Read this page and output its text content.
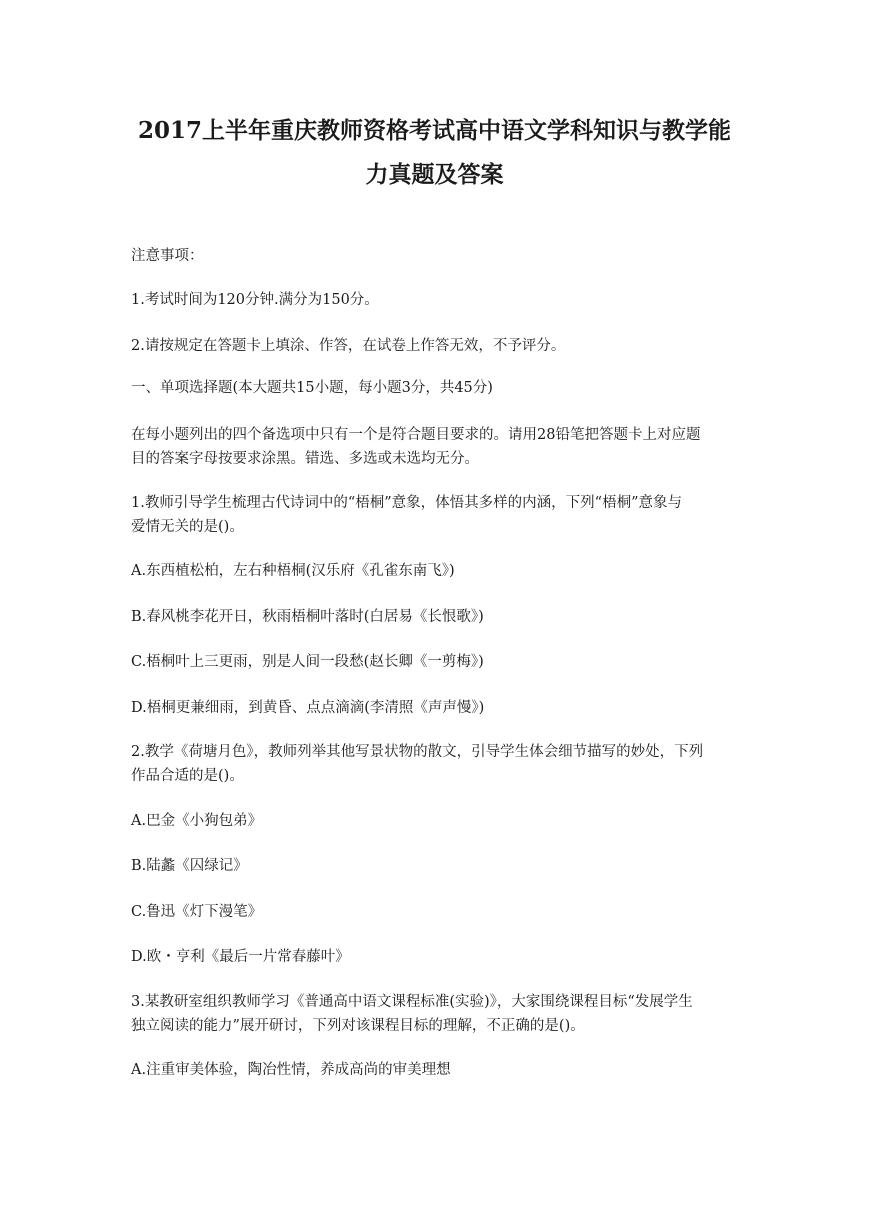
2017上半年重庆教师资格考试高中语文学科知识与教学能
力真题及答案
注意事项：
1.考试时间为120分钟.满分为150分。
2.请按规定在答题卡上填涂、作答，在试卷上作答无效，不予评分。
一、单项选择题(本大题共15小题，每小题3分，共45分)
在每小题列出的四个备选项中只有一个是符合题目要求的。请用28铅笔把答题卡上对应题
目的答案字母按要求涂黑。错选、多选或未选均无分。
1.教师引导学生梳理古代诗词中的“梧桐”意象，体悟其多样的内涵，下列“梧桐”意象与
爱情无关的是()。
A.东西植松柏，左右种梧桐(汉乐府《孔雀东南飞》)
B.春风桃李花开日，秋雨梧桐叶落时(白居易《长恨歌》)
C.梧桐叶上三更雨，别是人间一段愁(赵长卿《一剪梅》)
D.梧桐更兼细雨，到黄昏、点点滴滴(李清照《声声慢》)
2.教学《荷塘月色》，教师列举其他写景状物的散文，引导学生体会细节描写的妙处，下列
作品合适的是()。
A.巴金《小狗包弟》
B.陆蠡《囚绿记》
C.鲁迅《灯下漫笔》
D.欧・亨利《最后一片常春藤叶》
3.某教研室组织教师学习《普通高中语文课程标准(实验)》，大家围绕课程目标“发展学生
独立阅读的能力”展开研讨，下列对该课程目标的理解，不正确的是()。
A.注重审美体验，陶冶性情，养成高尚的审美理想
